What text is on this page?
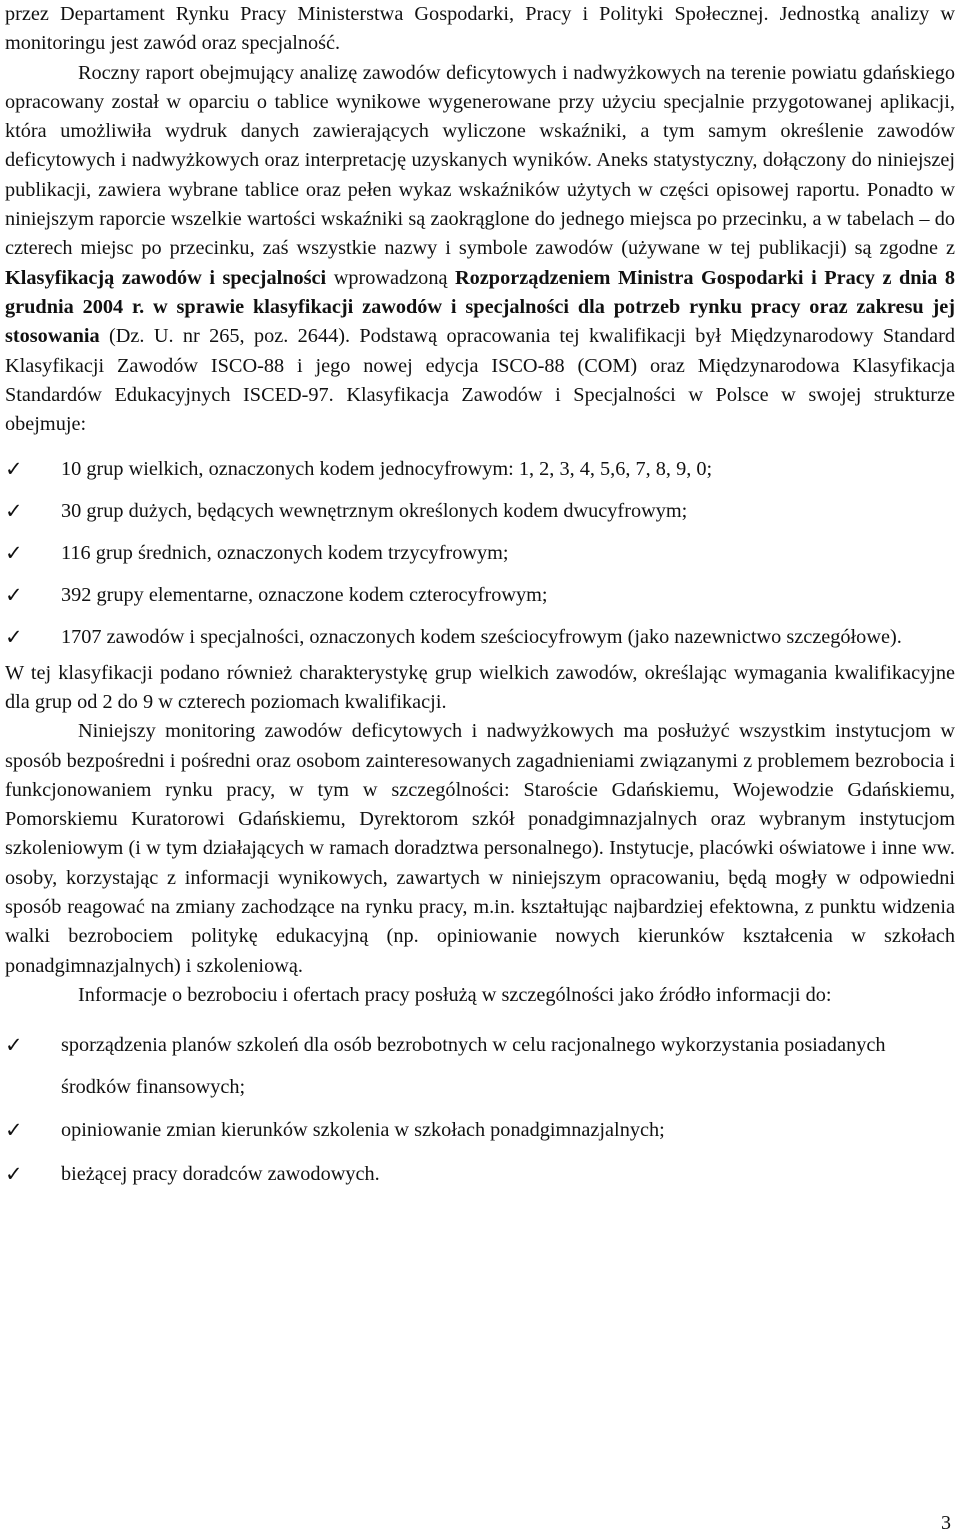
przez Departament Rynku Pracy Ministerstwa Gospodarki, Pracy i Polityki Społecznej. Jednostką analizy w monitoringu jest zawód oraz specjalność.

Roczny raport obejmujący analizę zawodów deficytowych i nadwyżkowych na terenie powiatu gdańskiego opracowany został w oparciu o tablice wynikowe wygenerowane przy użyciu specjalnie przygotowanej aplikacji, która umożliwiła wydruk danych zawierających wyliczone wskaźniki, a tym samym określenie zawodów deficytowych i nadwyżkowych oraz interpretację uzyskanych wyników. Aneks statystyczny, dołączony do niniejszej publikacji, zawiera wybrane tablice oraz pełen wykaz wskaźników użytych w części opisowej raportu. Ponadto w niniejszym raporcie wszelkie wartości wskaźniki są zaokrąglone do jednego miejsca po przecinku, a w tabelach – do czterech miejsc po przecinku, zaś wszystkie nazwy i symbole zawodów (używane w tej publikacji) są zgodne z Klasyfikacją zawodów i specjalności wprowadzoną Rozporządzeniem Ministra Gospodarki i Pracy z dnia 8 grudnia 2004 r. w sprawie klasyfikacji zawodów i specjalności dla potrzeb rynku pracy oraz zakresu jej stosowania (Dz. U. nr 265, poz. 2644). Podstawą opracowania tej kwalifikacji był Międzynarodowy Standard Klasyfikacji Zawodów ISCO-88 i jego nowej edycja ISCO-88 (COM) oraz Międzynarodowa Klasyfikacja Standardów Edukacyjnych ISCED-97. Klasyfikacja Zawodów i Specjalności w Polsce w swojej strukturze obejmuje:

✓ 10 grup wielkich, oznaczonych kodem jednocyfrowym: 1, 2, 3, 4, 5,6, 7, 8, 9, 0;
✓ 30 grup dużych, będących wewnętrznym określonych kodem dwucyfrowym;
✓ 116 grup średnich, oznaczonych kodem trzycyfrowym;
✓ 392 grupy elementarne, oznaczone kodem czterocyfrowym;
✓ 1707 zawodów i specjalności, oznaczonych kodem sześciocyfrowym (jako nazewnictwo szczegółowe).

W tej klasyfikacji podano również charakterystykę grup wielkich zawodów, określając wymagania kwalifikacyjne dla grup od 2 do 9 w czterech poziomach kwalifikacji.

Niniejszy monitoring zawodów deficytowych i nadwyżkowych ma posłużyć wszystkim instytucjom w sposób bezpośredni i pośredni oraz osobom zainteresowanych zagadnieniami związanymi z problemem bezrobocia i funkcjonowaniem rynku pracy, w tym w szczególności: Staroście Gdańskiemu, Wojewodzie Gdańskiemu, Pomorskiemu Kuratorowi Gdańskiemu, Dyrektorom szkół ponadgimnazjalnych oraz wybranym instytucjom szkoleniowym (i w tym działających w ramach doradztwa personalnego). Instytucje, placówki oświatowe i inne ww. osoby, korzystając z informacji wynikowych, zawartych w niniejszym opracowaniu, będą mogły w odpowiedni sposób reagować na zmiany zachodzące na rynku pracy, m.in. kształtując najbardziej efektowna, z punktu widzenia walki bezrobociem politykę edukacyjną (np. opiniowanie nowych kierunków kształcenia w szkołach ponadgimnazjalnych) i szkoleniową.

Informacje o bezrobociu i ofertach pracy posłużą w szczególności jako źródło informacji do:

✓ sporządzenia planów szkoleń dla osób bezrobotnych w celu racjonalnego wykorzystania posiadanych środków finansowych;
✓ opiniowanie zmian kierunków szkolenia w szkołach ponadgimnazjalnych;
✓ bieżącej pracy doradców zawodowych.
3
